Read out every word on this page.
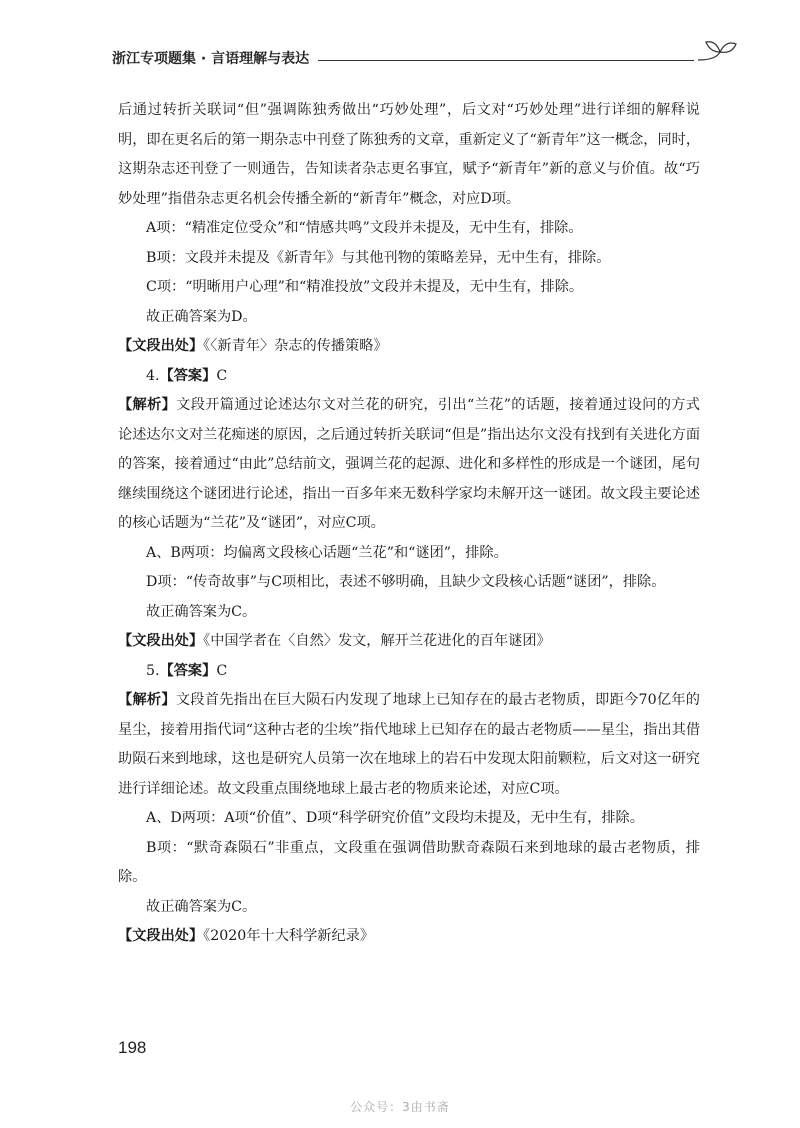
浙江专项题集 · 言语理解与表达

后通过转折关联词“但”强调陈独秀做出“巧妙处理”，后文对“巧妙处理”进行详细的解释说明，即在更名后的第一期杂志中刊登了陈独秀的文章，重新定义了“新青年”这一概念，同时，这期杂志还刊登了一则通告，告知读者杂志更名事宜，赋予“新青年”新的意义与价值。故“巧妙处理”指借杂志更名机会传播全新的“新青年”概念，对应D项。

A项：“精准定位受众”和“情感共鸣”文段并未提及，无中生有，排除。

B项：文段并未提及《新青年》与其他刊物的策略差异，无中生有，排除。

C项：“明晰用户心理”和“精准投放”文段并未提及，无中生有，排除。

故正确答案为D。

【文段出处】《〈新青年〉杂志的传播策略》

4.【答案】C

【解析】文段开篇通过论述达尔文对兰花的研究，引出“兰花”的话题，接着通过设问的方式论述达尔文对兰花痴迷的原因，之后通过转折关联词“但是”指出达尔文没有找到有关进化方面的答案，接着通过“由此”总结前文，强调兰花的起源、进化和多样性的形成是一个谜团，尾句继续围绕这个谜团进行论述，指出一百多年来无数科学家均未解开这一谜团。故文段主要论述的核心话题为“兰花”及“谜团”，对应C项。

A、B两项：均偏离文段核心话题“兰花”和“谜团”，排除。

D项：“传奇故事”与C项相比，表述不够明确，且缺少文段核心话题“谜团”，排除。

故正确答案为C。

【文段出处】《中国学者在〈自然〉发文，解开兰花进化的百年谜团》

5.【答案】C

【解析】文段首先指出在巨大陨石内发现了地球上已知存在的最古老物质，即距今70亿年的星尘，接着用指代词“这种古老的尘埃”指代地球上已知存在的最古老物质——星尘，指出其借助陨石来到地球，这也是研究人员第一次在地球上的岩石中发现太阳前颗粒，后文对这一研究进行详细论述。故文段重点围绕地球上最古老的物质来论述，对应C项。

A、D两项：A项“价值”、D项“科学研究价值”文段均未提及，无中生有，排除。

B项：“默奇森陨石”非重点，文段重在强调借助默奇森陨石来到地球的最古老物质，排除。

故正确答案为C。

【文段出处】《2020年十大科学新纪录》

198
公众号：3由书斋
